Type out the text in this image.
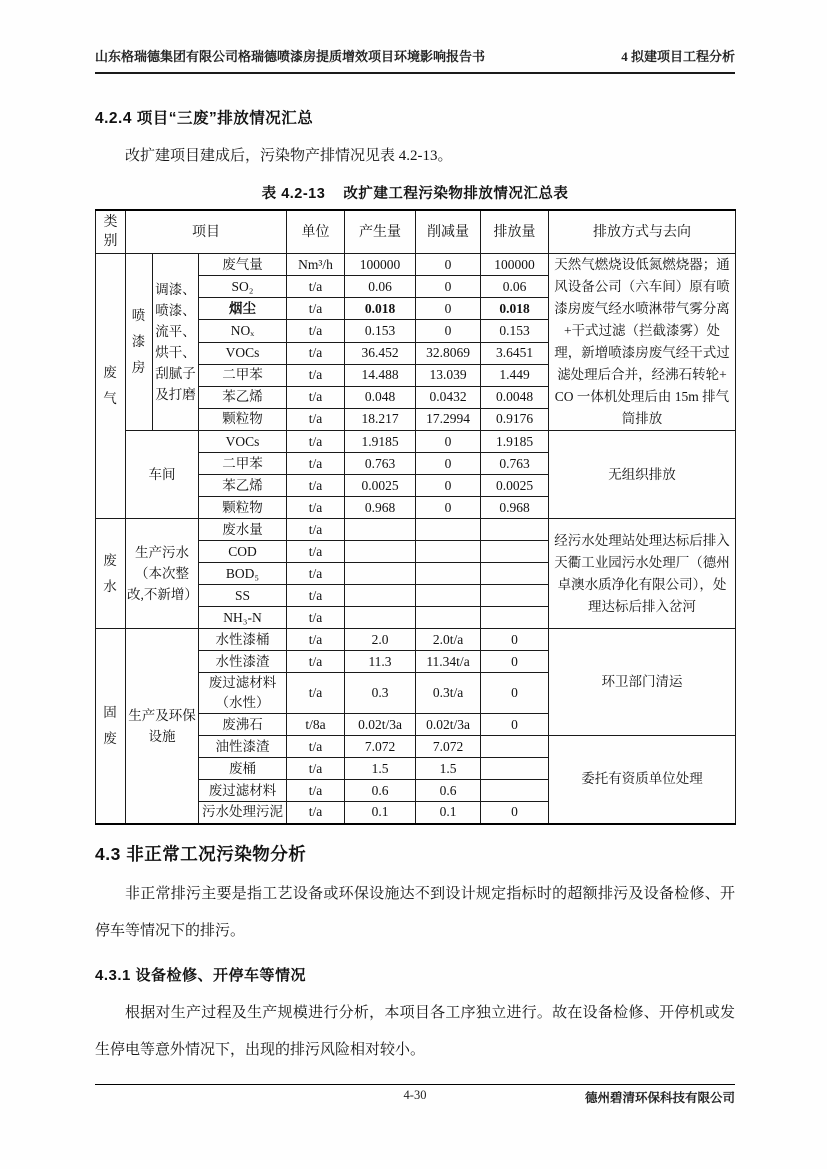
山东格瑞德集团有限公司格瑞德喷漆房提质增效项目环境影响报告书	4 拟建项目工程分析
4.2.4 项目“三废”排放情况汇总

改扩建项目建成后，污染物产排情况见表 4.2-13。

表 4.2-13 改扩建工程污染物排放情况汇总表
类别	项目			单位	产生量	削减量	排放量	排放方式与去向
废气	喷漆房	调漆、喷漆、流平、烘干、刮腻子及打磨	废气量	Nm³/h	100000	0	100000	天然气燃烧设低氮燃烧器；通风设备公司（六车间）原有喷漆房废气经水喷淋带气雾分离+干式过滤（拦截漆雾）处理，新增喷漆房废气经干式过滤处理后合并，经沸石转轮+CO 一体机处理后由 15m 排气筒排放
			SO₂	t/a	0.06	0	0.06	
			烟尘	t/a	0.018	0	0.018	
			NOₓ	t/a	0.153	0	0.153	
			VOCs	t/a	36.452	32.8069	3.6451	
			二甲苯	t/a	14.488	13.039	1.449	
			苯乙烯	t/a	0.048	0.0432	0.0048	
			颗粒物	t/a	18.217	17.2994	0.9176	
	车间		VOCs	t/a	1.9185	0	1.9185	无组织排放
			二甲苯	t/a	0.763	0	0.763	
			苯乙烯	t/a	0.0025	0	0.0025	
			颗粒物	t/a	0.968	0	0.968	
废水	生产污水（本次整改,不新增）		废水量	t/a				经污水处理站处理达标后排入天衢工业园污水处理厂（德州卓澳水质净化有限公司），处理达标后排入岔河
			COD	t/a				
			BOD₅	t/a				
			SS	t/a				
			NH₃-N	t/a				
固废	生产及环保设施		水性漆桶	t/a	2.0	2.0t/a	0	环卫部门清运
			水性漆渣	t/a	11.3	11.34t/a	0	
			废过滤材料（水性）	t/a	0.3	0.3t/a	0	
			废沸石	t/8a	0.02t/3a	0.02t/3a	0	
			油性漆渣	t/a	7.072	7.072		委托有资质单位处理
			废桶	t/a	1.5	1.5		
			废过滤材料	t/a	0.6	0.6		
			污水处理污泥	t/a	0.1	0.1	0	
4.3 非正常工况污染物分析

非正常排污主要是指工艺设备或环保设施达不到设计规定指标时的超额排污及设备检修、开停车等情况下的排污。

4.3.1 设备检修、开停车等情况

根据对生产过程及生产规模进行分析，本项目各工序独立进行。故在设备检修、开停机或发生停电等意外情况下，出现的排污风险相对较小。

4-30	德州碧清环保科技有限公司
